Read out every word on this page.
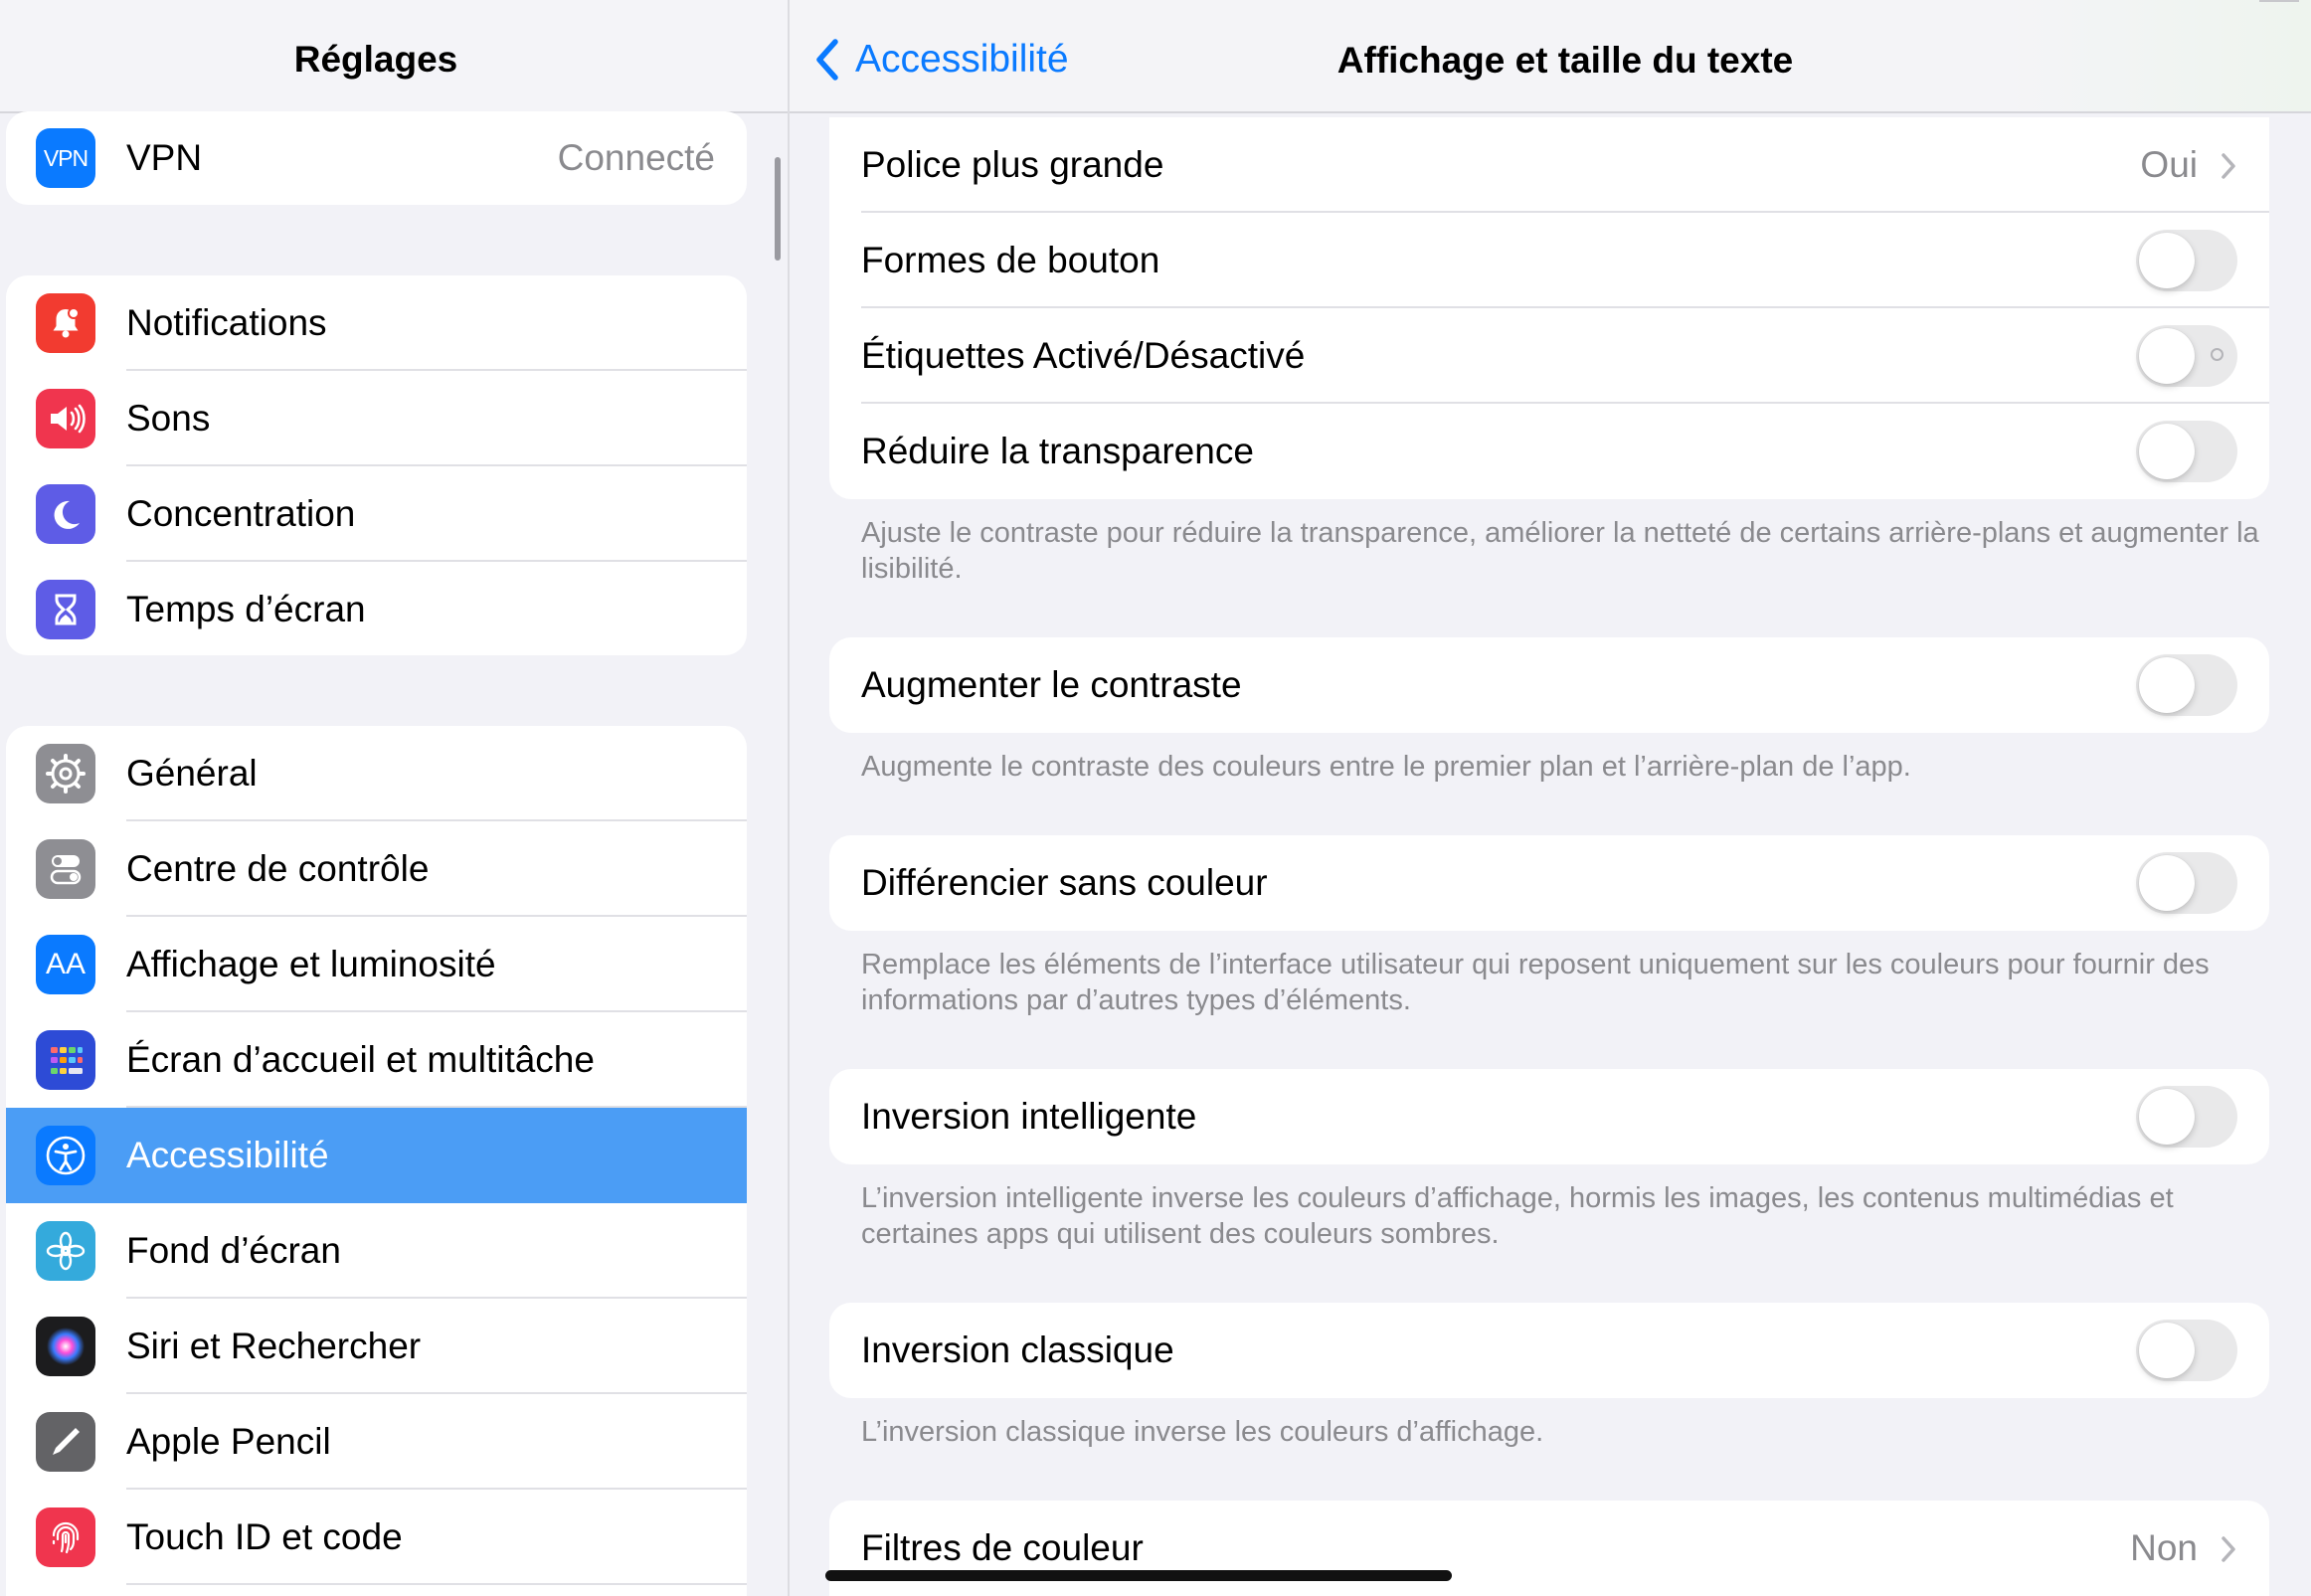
Réglages
VPN VPN	Connecté
Notifications
Sons
Concentration
Temps d’écran
Général
Centre de contrôle
AA Affichage et luminosité
Écran d’accueil et multitâche
Accessibilité
Fond d’écran
Siri et Rechercher
Apple Pencil
Touch ID et code
Accessibilité	Affichage et taille du texte
Police plus grande	Oui
Formes de bouton
Étiquettes Activé/Désactivé
Réduire la transparence
Ajuste le contraste pour réduire la transparence, améliorer la netteté de certains arrière-plans et augmenter la lisibilité.
Augmenter le contraste
Augmente le contraste des couleurs entre le premier plan et l’arrière-plan de l’app.
Différencier sans couleur
Remplace les éléments de l’interface utilisateur qui reposent uniquement sur les couleurs pour fournir des informations par d’autres types d’éléments.
Inversion intelligente
L’inversion intelligente inverse les couleurs d’affichage, hormis les images, les contenus multimédias et certaines apps qui utilisent des couleurs sombres.
Inversion classique
L’inversion classique inverse les couleurs d’affichage.
Filtres de couleur	Non
